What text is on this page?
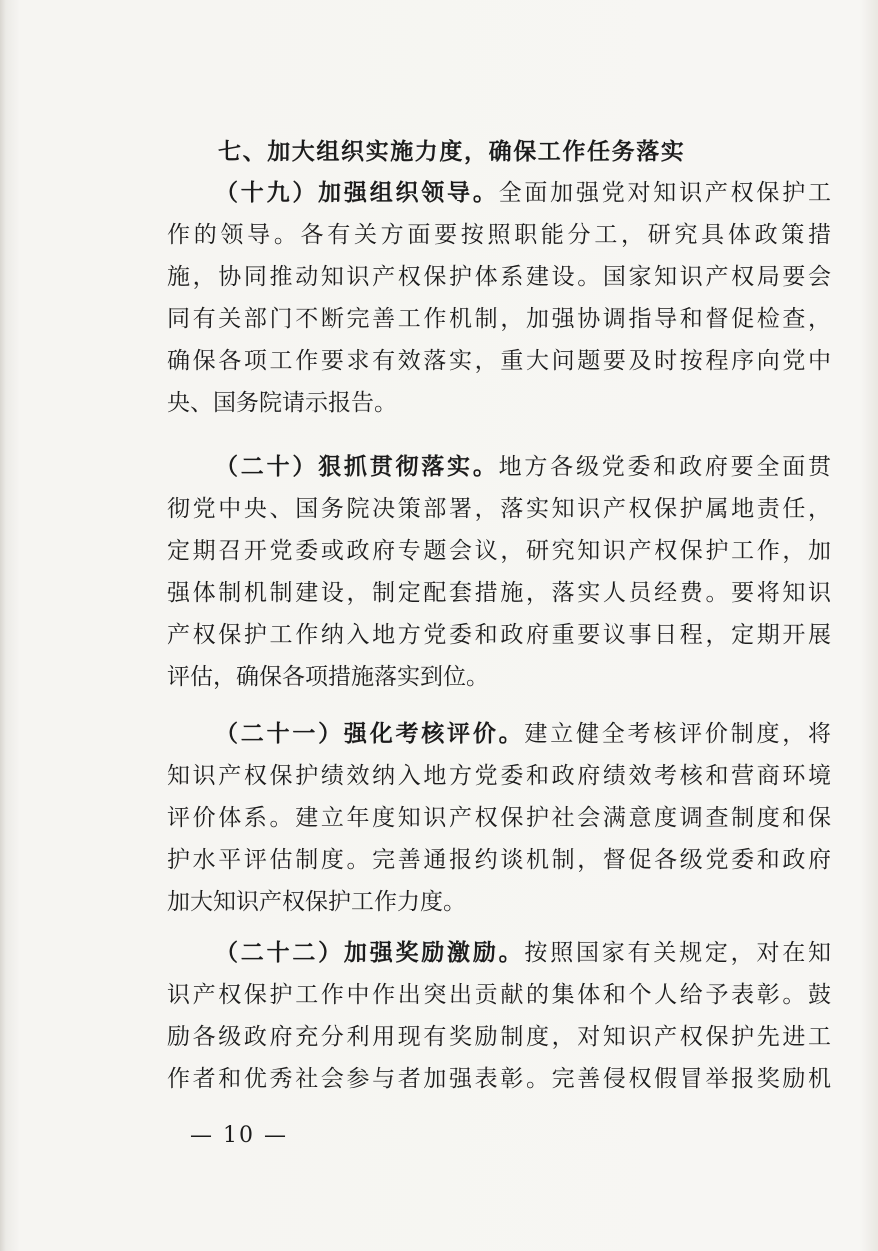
七、加大组织实施力度，确保工作任务落实
（十九）加强组织领导。全面加强党对知识产权保护工
作的领导。各有关方面要按照职能分工，研究具体政策措
施，协同推动知识产权保护体系建设。国家知识产权局要会
同有关部门不断完善工作机制，加强协调指导和督促检查，
确保各项工作要求有效落实，重大问题要及时按程序向党中
央、国务院请示报告。
（二十）狠抓贯彻落实。地方各级党委和政府要全面贯
彻党中央、国务院决策部署，落实知识产权保护属地责任，
定期召开党委或政府专题会议，研究知识产权保护工作，加
强体制机制建设，制定配套措施，落实人员经费。要将知识
产权保护工作纳入地方党委和政府重要议事日程，定期开展
评估，确保各项措施落实到位。
（二十一）强化考核评价。建立健全考核评价制度，将
知识产权保护绩效纳入地方党委和政府绩效考核和营商环境
评价体系。建立年度知识产权保护社会满意度调查制度和保
护水平评估制度。完善通报约谈机制，督促各级党委和政府
加大知识产权保护工作力度。
（二十二）加强奖励激励。按照国家有关规定，对在知
识产权保护工作中作出突出贡献的集体和个人给予表彰。鼓
励各级政府充分利用现有奖励制度，对知识产权保护先进工
作者和优秀社会参与者加强表彰。完善侵权假冒举报奖励机
— 10 —
